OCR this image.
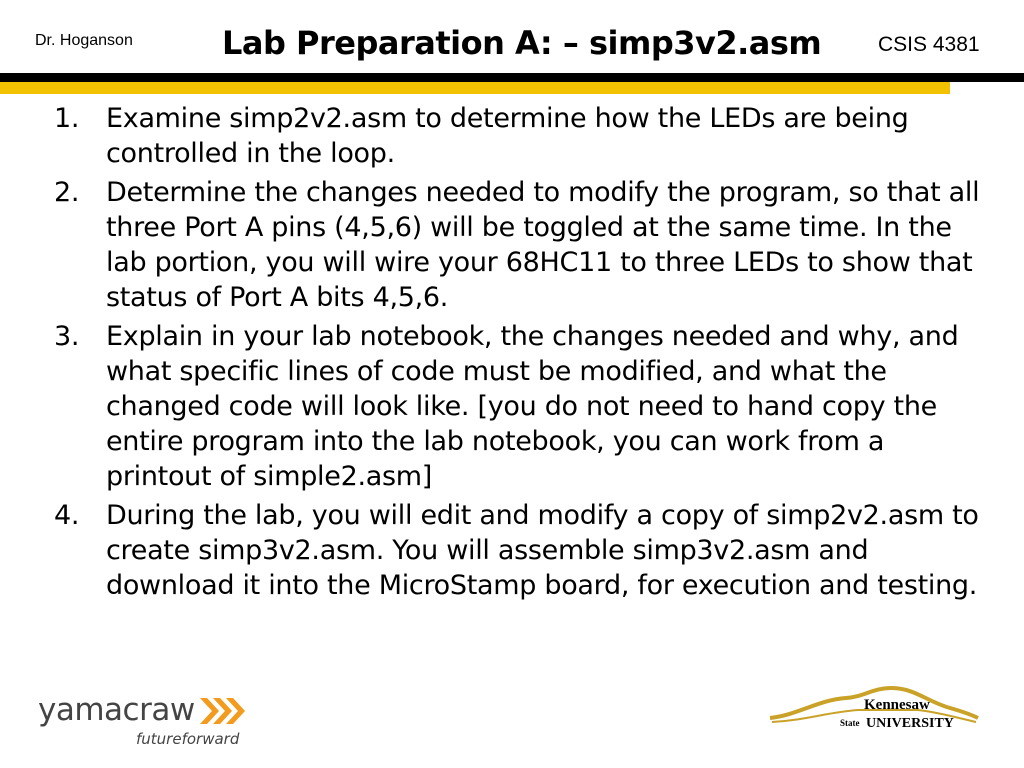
Dr. Hoganson	Lab Preparation A: – simp3v2.asm	CSIS 4381
1. Examine simp2v2.asm to determine how the LEDs are being controlled in the loop.
2. Determine the changes needed to modify the program, so that all three Port A pins (4,5,6) will be toggled at the same time. In the lab portion, you will wire your 68HC11 to three LEDs to show that status of Port A bits 4,5,6.
3. Explain in your lab notebook, the changes needed and why, and what specific lines of code must be modified, and what the changed code will look like. [you do not need to hand copy the entire program into the lab notebook, you can work from a printout of simple2.asm]
4. During the lab, you will edit and modify a copy of simp2v2.asm to create simp3v2.asm. You will assemble simp3v2.asm and download it into the MicroStamp board, for execution and testing.
yamacraw
futureforward
Kennesaw
State UNIVERSITY
